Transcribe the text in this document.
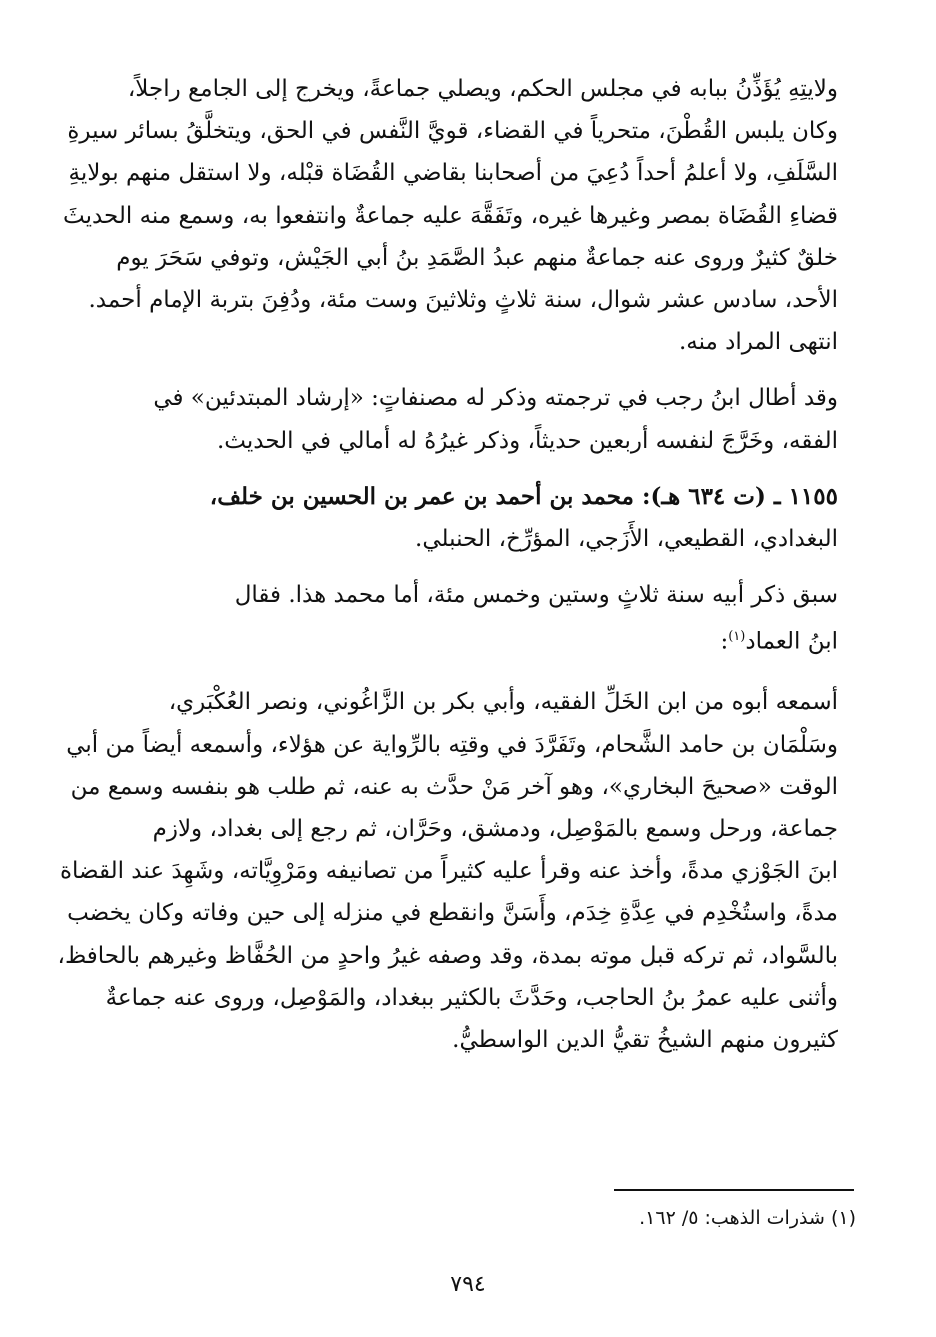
ولايتِهِ يُؤَذِّنُ ببابه في مجلس الحكم، ويصلي جماعةً، ويخرج إلى الجامع راجلاً،
وكان يلبس القُطْنَ، متحرياً في القضاء، قويَّ النَّفس في الحق، ويتخلَّقُ بسائر سيرةِ
السَّلَفِ، ولا أعلمُ أحداً دُعِيَ من أصحابنا بقاضي القُضَاة قبْله، ولا استقل منهم بولايةِ
قضاءِ القُضَاة بمصر وغيرها غيره، وتَفَقَّهَ عليه جماعةٌ وانتفعوا به، وسمع منه الحديثَ
خلقٌ كثيرٌ وروى عنه جماعةٌ منهم عبدُ الصَّمَدِ بنُ أبي الجَيْش، وتوفي سَحَرَ يوم
الأحد، سادس عشر شوال، سنة ثلاثٍ وثلاثينَ وست مئة، ودُفِنَ بتربة الإمام أحمد.
انتهى المراد منه.

وقد أطال ابنُ رجب في ترجمته وذكر له مصنفاتٍ: «إرشاد المبتدئين» في
الفقه، وخَرَّجَ لنفسه أربعين حديثاً، وذكر غيرُهُ له أمالي في الحديث.

١١٥٥ ـ (ت ٦٣٤ هـ): محمد بن أحمد بن عمر بن الحسين بن خلف،
البغدادي، القطيعي، الأَزَجي، المؤرِّخ، الحنبلي.

سبق ذكر أبيه سنة ثلاثٍ وستين وخمس مئة، أما محمد هذا. فقال
ابنُ العماد$^{(١)}$:

أسمعه أبوه من ابن الخَلِّ الفقيه، وأبي بكر بن الزَّاغُوني، ونصر العُكْبَري،
وسَلْمَان بن حامد الشَّحام، وتَفَرَّدَ في وقتِه بالرِّواية عن هؤلاء، وأسمعه أيضاً من أبي
الوقت «صحيحَ البخاري»، وهو آخر مَنْ حدَّث به عنه، ثم طلب هو بنفسه وسمع من
جماعة، ورحل وسمع بالمَوْصِل، ودمشق، وحَرَّان، ثم رجع إلى بغداد، ولازم
ابنَ الجَوْزي مدةً، وأخذ عنه وقرأ عليه كثيراً من تصانيفه ومَرْوِيَّاته، وشَهِدَ عند القضاة
مدةً، واستُخْدِم في عِدَّةِ خِدَم، وأَسَنَّ وانقطع في منزله إلى حين وفاته وكان يخضب
بالسَّواد، ثم تركه قبل موته بمدة، وقد وصفه غيرُ واحدٍ من الحُفَّاظ وغيرهم بالحافظ،
وأثنى عليه عمرُ بنُ الحاجب، وحَدَّثَ بالكثير ببغداد، والمَوْصِل، وروى عنه جماعةٌ
كثيرون منهم الشيخُ تقيُّ الدين الواسطيُّ.

(١) شذرات الذهب: ٥/ ١٦٢.
٧٩٤
